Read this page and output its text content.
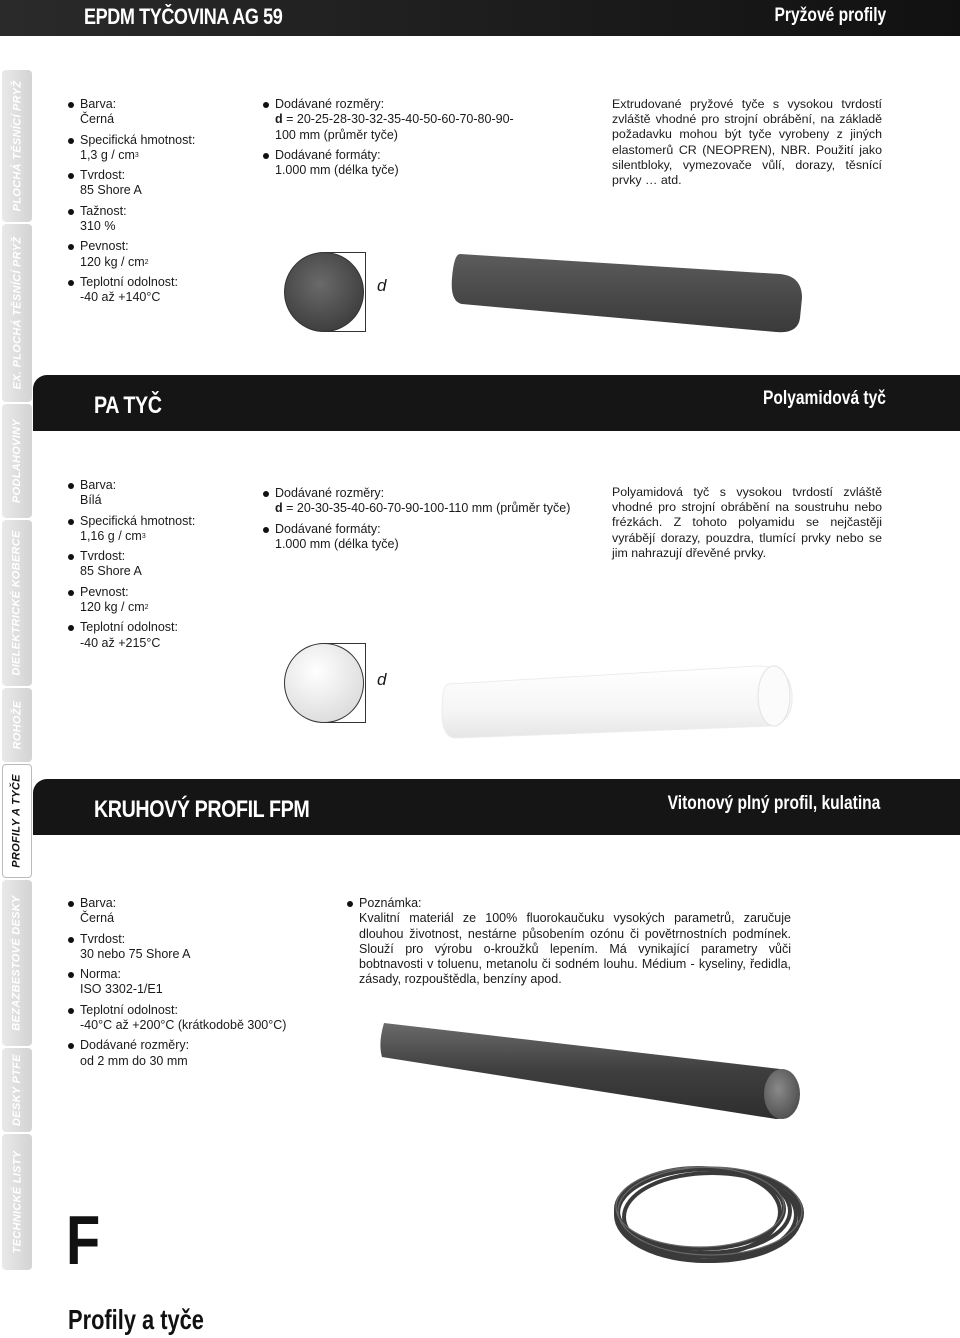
EPDM TYČOVINA AG 59	Pryžové profily
PLOCHÁ TĚSNÍCÍ PRYŽ
EX. PLOCHÁ TĚSNÍCÍ PRYŽ
PODLAHOVINY
DIELEKTRICKÉ KOBERCE
ROHOŽE
PROFILY A TYČE
BEZAZBESTOVÉ DESKY
DESKY PTFE
TECHNICKÉ LISTY
Barva:
Černá
Specifická hmotnost:
1,3 g / $cm^3$
Tvrdost:
85 Shore A
Tažnost:
310 %
Pevnost:
120 kg / $cm^2$
Teplotní odolnost:
-40 až +140°C
Dodávané rozměry:
d = 20-25-28-30-32-35-40-50-60-70-80-90-100 mm (průměr tyče)
Dodávané formáty:
1.000 mm (délka tyče)
d
Extrudované pryžové tyče s vysokou tvrdostí zvláště vhodné pro strojní obrábění, na základě požadavku mohou být tyče vyrobeny z jiných elastomerů CR (NEOPREN), NBR. Použití jako silentbloky, vymezovače vůlí, dorazy, těsnící prvky … atd.
PA TYČ	Polyamidová tyč
Barva:
Bílá
Specifická hmotnost:
1,16 g / $cm^3$
Tvrdost:
85 Shore A
Pevnost:
120 kg / $cm^2$
Teplotní odolnost:
-40 až +215°C
Dodávané rozměry:
d = 20-30-35-40-60-70-90-100-110 mm (průměr tyče)
Dodávané formáty:
1.000 mm (délka tyče)
d
Polyamidová tyč s vysokou tvrdostí zvláště vhodné pro strojní obrábění na soustruhu nebo frézkách. Z tohoto polyamidu se nejčastěji vyrábějí dorazy, pouzdra, tlumící prvky nebo se jim nahrazují dřevěné prvky.
KRUHOVÝ PROFIL FPM	Vitonový plný profil, kulatina
Barva:
Černá
Tvrdost:
30 nebo 75 Shore A
Norma:
ISO 3302-1/E1
Teplotní odolnost:
-40°C až +200°C (krátkodobě 300°C)
Dodávané rozměry:
od 2 mm do 30 mm
Poznámka:
Kvalitní materiál ze 100% fluorokaučuku vysokých parametrů, zaručuje dlouhou životnost, nestárne působením ozónu či povětrnostních podmínek. Slouží pro výrobu o-kroužků lepením. Má vynikající parametry vůči bobtnavosti v toluenu, metanolu či sodném louhu. Médium - kyseliny, ředidla, zásady, rozpouštědla, benzíny apod.
F
Profily a tyče
